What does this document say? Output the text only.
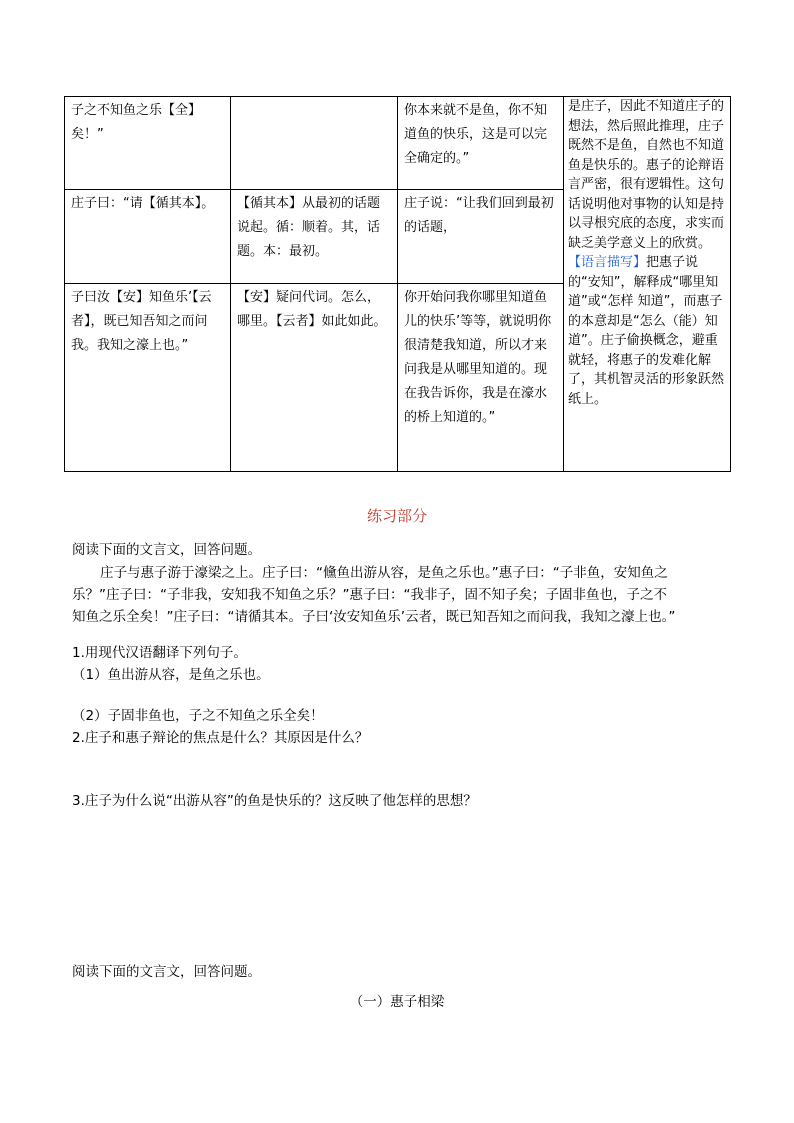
子之不知鱼之乐【全】矣！”		你本来就不是鱼，你不知道鱼的快乐，这是可以完全确定的。”	是庄子，因此不知道庄子的想法，然后照此推理，庄子既然不是鱼，自然也不知道鱼是快乐的。惠子的论辩语言严密，很有逻辑性。这句话说明他对事物的认知是持以寻根究底的态度，求实而 缺乏美学意义上的欣赏。【语言描写】把惠子说的“安知”，解释成“哪里知道”或“怎样 知道”，而惠子的本意却是“怎么（能）知道”。庄子偷换概念，避重就轻，将惠子的发难化解了，其机智灵活的形象跃然 纸上。
庄子曰：“请【循其本】。	【循其本】从最初的话题说起。循：顺着。其，话题。本：最初。	庄子说：“让我们回到最初的话题，	
子曰汝【安】知鱼乐’【云者】，既已知吾知之而问我。我知之濠上也。”	【安】疑问代词。怎么，哪里。【云者】如此如此。	你开始问我你哪里知道鱼儿的快乐’等等，就说明你很清楚我知道，所以才来问我是从哪里知道的。现在我告诉你，我是在濠水的桥上知道的。”	
练习部分
阅读下面的文言文，回答问题。
庄子与惠子游于濠梁之上。庄子曰：“儵鱼出游从容，是鱼之乐也。”惠子曰：“子非鱼，安知鱼之
乐？”庄子曰：“子非我，安知我不知鱼之乐？”惠子曰：“我非子，固不知子矣；子固非鱼也，子之不
知鱼之乐全矣！”庄子曰：“请循其本。子曰‘汝安知鱼乐’云者，既已知吾知之而问我，我知之濠上也。”
1.用现代汉语翻译下列句子。
（1）鱼出游从容，是鱼之乐也。
（2）子固非鱼也，子之不知鱼之乐全矣！
2.庄子和惠子辩论的焦点是什么？其原因是什么？
3.庄子为什么说“出游从容”的鱼是快乐的？这反映了他怎样的思想？
阅读下面的文言文，回答问题。
（一）惠子相梁
